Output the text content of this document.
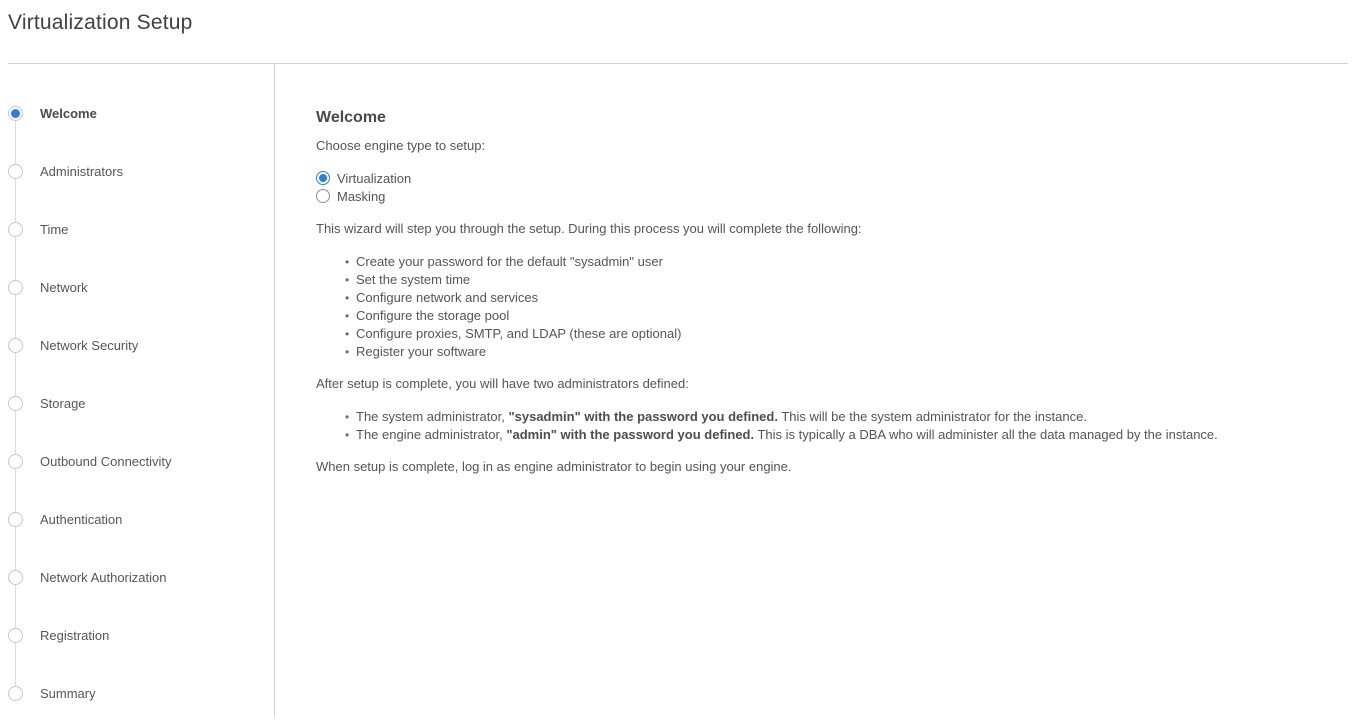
Virtualization Setup
Welcome
Administrators
Time
Network
Network Security
Storage
Outbound Connectivity
Authentication
Network Authorization
Registration
Summary
Welcome

Choose engine type to setup:

Virtualization
Masking

This wizard will step you through the setup. During this process you will complete the following:

• Create your password for the default "sysadmin" user
• Set the system time
• Configure network and services
• Configure the storage pool
• Configure proxies, SMTP, and LDAP (these are optional)
• Register your software

After setup is complete, you will have two administrators defined:

• The system administrator, "sysadmin" with the password you defined. This will be the system administrator for the instance.
• The engine administrator, "admin" with the password you defined. This is typically a DBA who will administer all the data managed by the instance.

When setup is complete, log in as engine administrator to begin using your engine.
